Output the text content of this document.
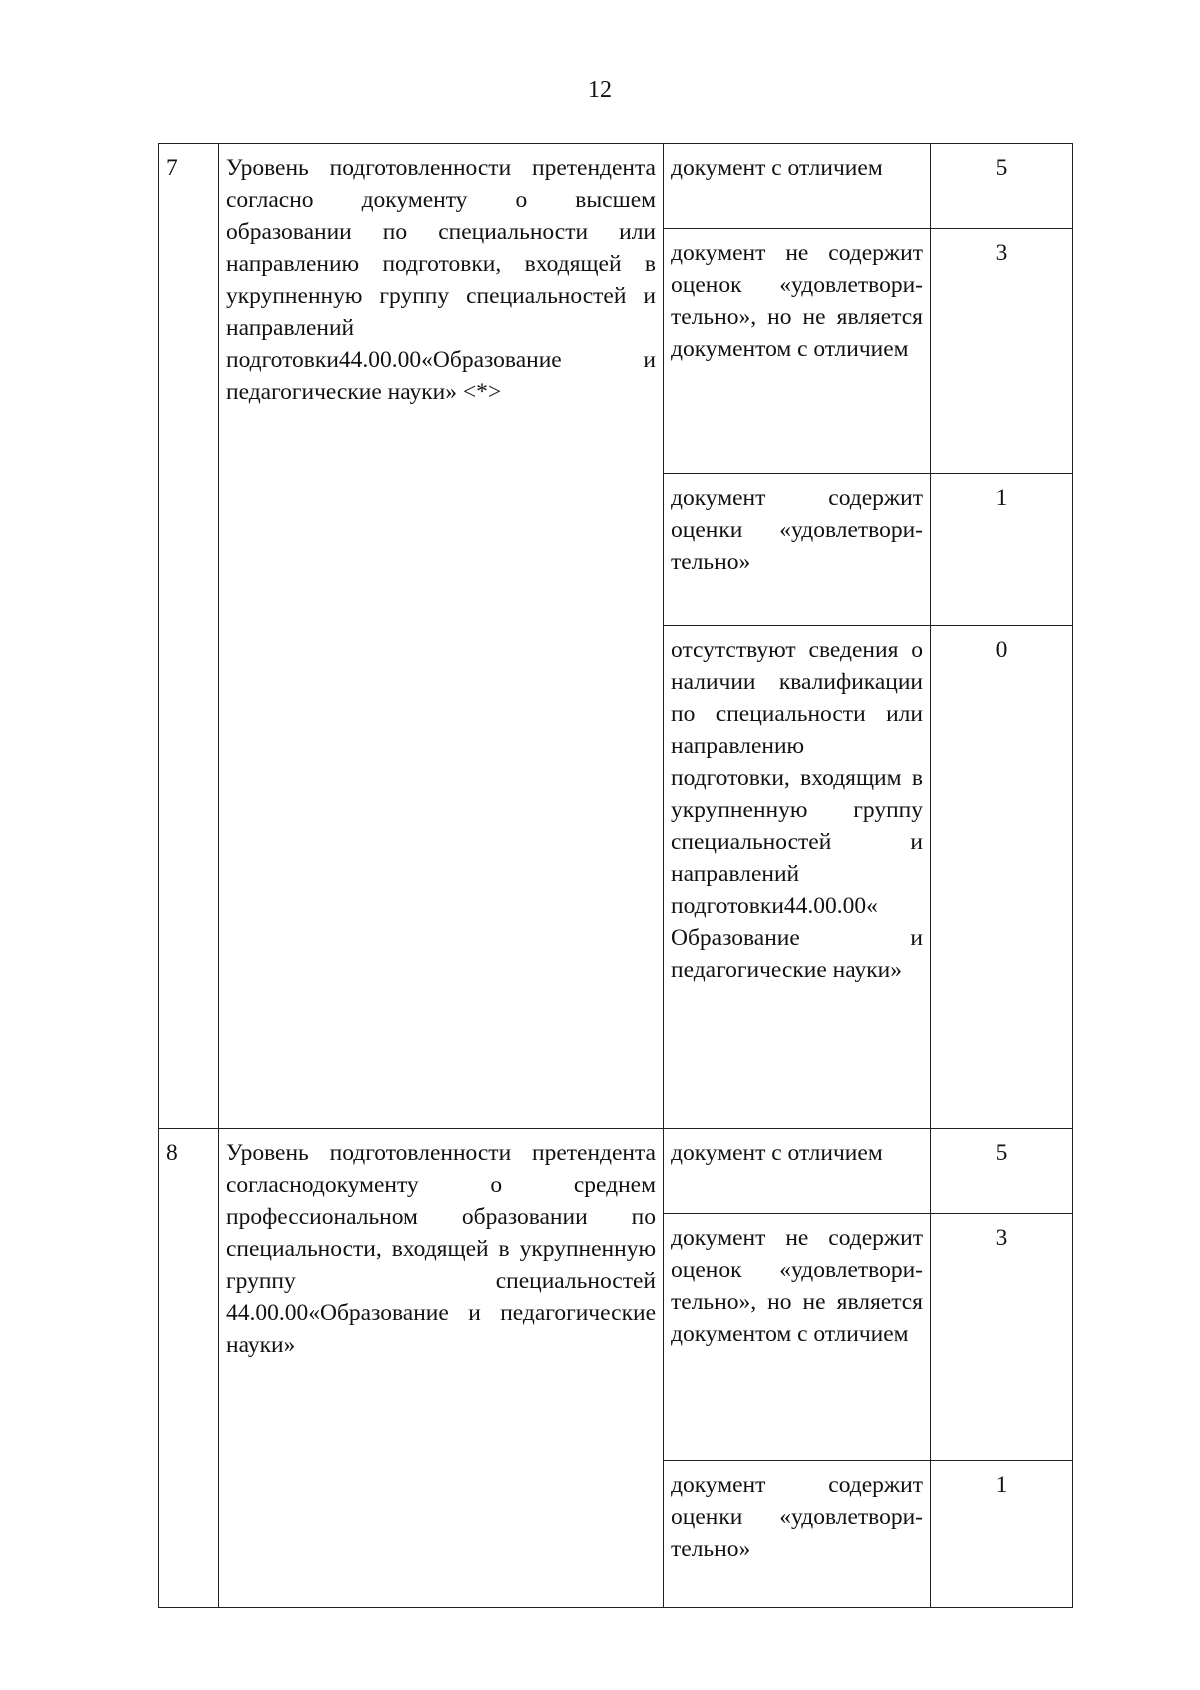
12
7	Уровень подготовленности претендента согласно документу о высшем образовании по специальности или направлению подготовки, входящей в укрупненную группу специальностей и направлений подготовки44.00.00«Образование и педагогические науки» <*>	документ с отличием	5
		документ не содержит оценок «удовлетвори- тельно», но не является документом с отличием	3
		документ содержит оценки «удовлетвори- тельно»	1
		отсутствуют сведения о наличии квалификации по специальности или направлению подготовки, входящим в укрупненную группу специальностей и направлений подготовки44.00.00« Образование и педагогические науки»	0
8	Уровень подготовленности претендента согласнодокументу о среднем профессиональном образовании по специальности, входящей в укрупненную группу специальностей 44.00.00«Образование и педагогические науки»	документ с отличием	5
		документ не содержит оценок «удовлетвори- тельно», но не является документом с отличием	3
		документ содержит оценки «удовлетвори- тельно»	1
